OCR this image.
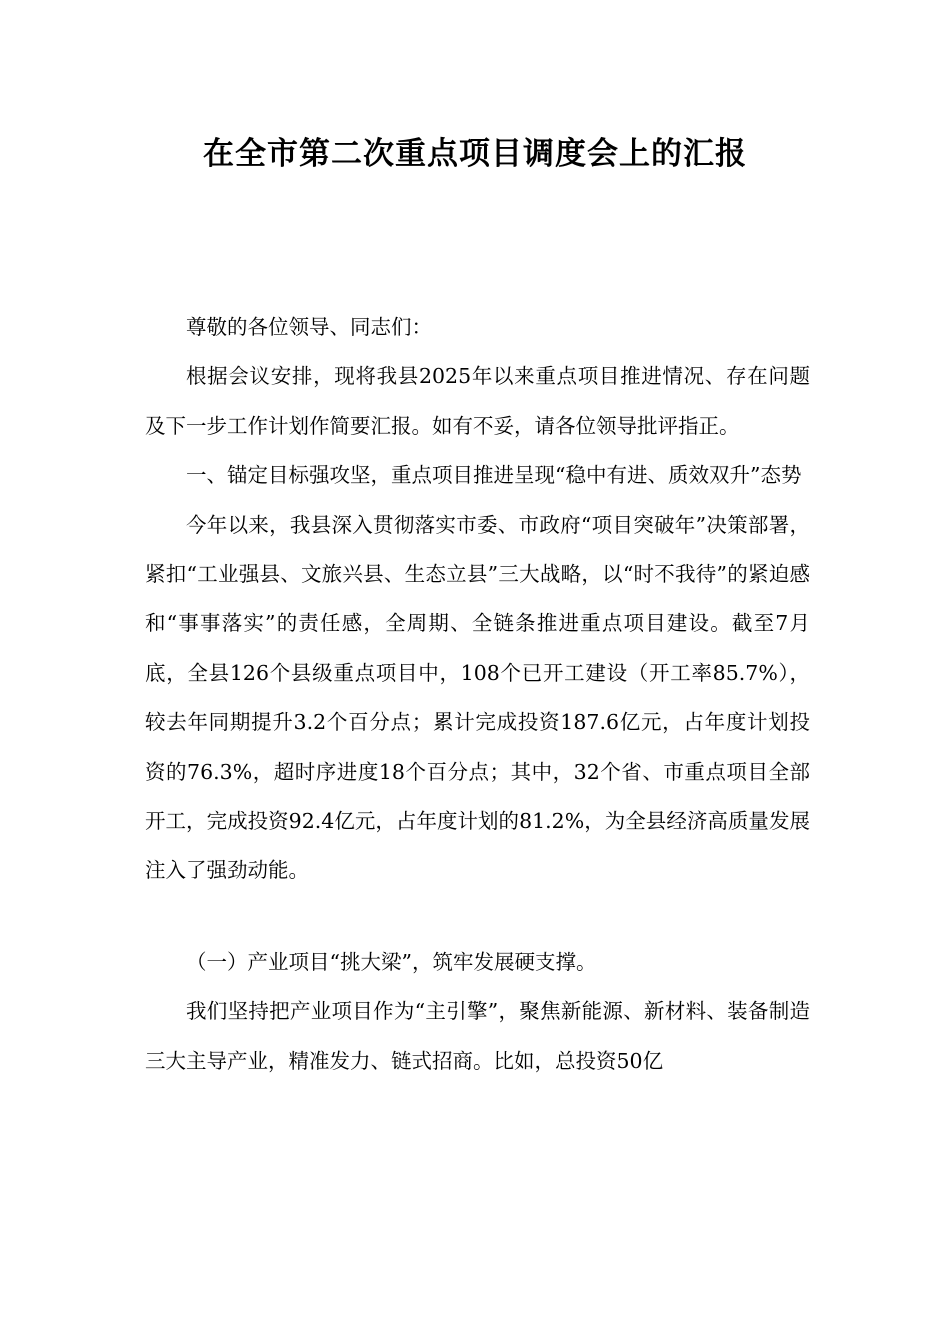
在全市第二次重点项目调度会上的汇报

尊敬的各位领导、同志们：

根据会议安排，现将我县2025年以来重点项目推进情况、存在问题及下一步工作计划作简要汇报。如有不妥，请各位领导批评指正。

一、锚定目标强攻坚，重点项目推进呈现“稳中有进、质效双升”态势

今年以来，我县深入贯彻落实市委、市政府“项目突破年”决策部署，紧扣“工业强县、文旅兴县、生态立县”三大战略，以“时不我待”的紧迫感和“事事落实”的责任感，全周期、全链条推进重点项目建设。截至7月底，全县126个县级重点项目中，108个已开工建设（开工率85.7%），较去年同期提升3.2个百分点；累计完成投资187.6亿元，占年度计划投资的76.3%，超时序进度18个百分点；其中，32个省、市重点项目全部开工，完成投资92.4亿元，占年度计划的81.2%，为全县经济高质量发展注入了强劲动能。

（一）产业项目“挑大梁”，筑牢发展硬支撑。

我们坚持把产业项目作为“主引擎”，聚焦新能源、新材料、装备制造三大主导产业，精准发力、链式招商。比如，总投资50亿
